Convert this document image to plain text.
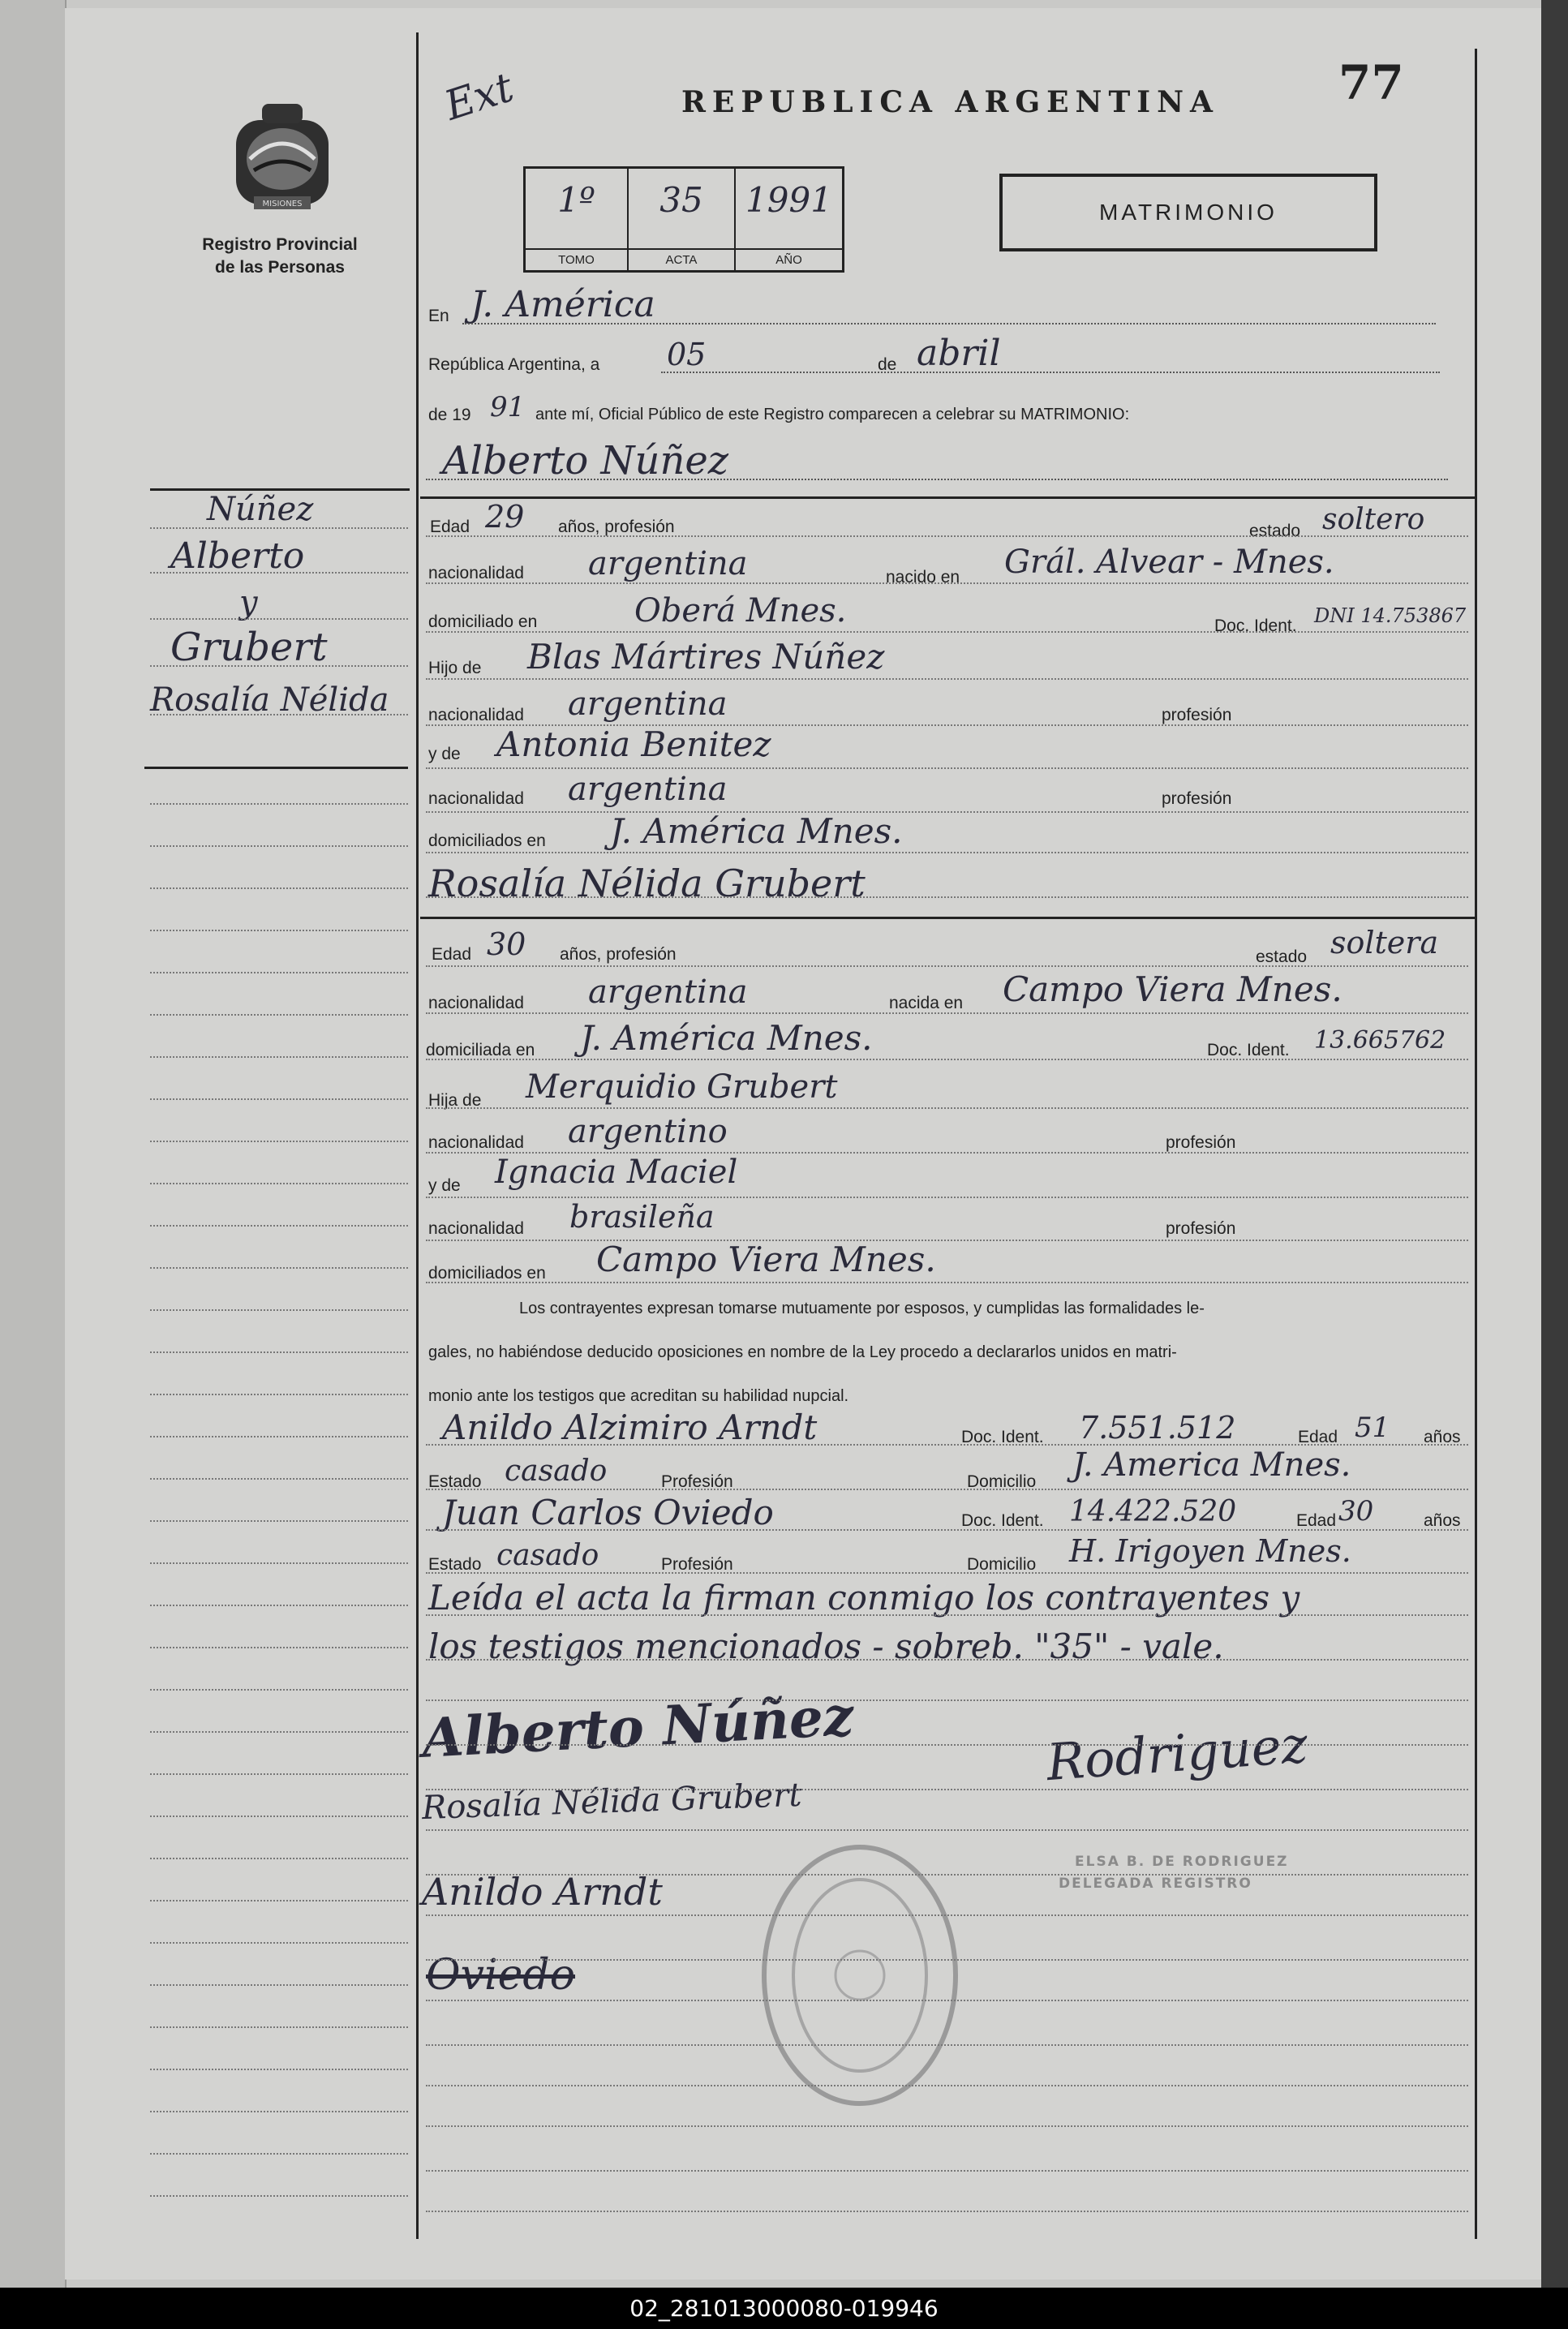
MISIONES
Registro Provincial
de las Personas
Ext	REPUBLICA ARGENTINA	77
MATRIMONIO
1º
TOMO
35
ACTA
1991
AÑO
Núñez
Alberto
y
Grubert
Rosalía Nélida
En J. América
República Argentina, a 05	de abril
de 19 91 ante mí, Oficial Público de este Registro comparecen a celebrar su MATRIMONIO:
Alberto Núñez
Edad 29 años, profesión	estado soltero
nacionalidad argentina	nacido en Grál. Alvear - Mnes.
domiciliado en	Oberá Mnes.	Doc. Ident. DNI 14.753867
Hijo de Blas Mártires Núñez
nacionalidad argentina	profesión
y de Antonia Benitez
nacionalidad argentina	profesión
domiciliados en J. América Mnes.
Rosalía Nélida Grubert
Edad 30 años, profesión	estado soltera
nacionalidad argentina	nacida en Campo Viera Mnes.
domiciliada en J. América Mnes.	Doc. Ident. 13.665762
Hija de Merquidio Grubert
nacionalidad argentino	profesión
y de Ignacia Maciel
nacionalidad brasileña	profesión
domiciliados en Campo Viera Mnes.
Los contrayentes expresan tomarse mutuamente por esposos, y cumplidas las formalidades le-
gales, no habiéndose deducido oposiciones en nombre de la Ley procedo a declararlos unidos en matri-
monio ante los testigos que acreditan su habilidad nupcial.
Anildo Alzimiro Arndt	Doc. Ident. 7.551.512	Edad 51 años
Estado casado	Profesión	Domicilio J. America Mnes.
Juan Carlos Oviedo	Doc. Ident. 14.422.520	Edad 30	años
Estado casado	Profesión	Domicilio H. Irigoyen Mnes.
Leída el acta la firman conmigo los contrayentes y
los testigos mencionados - sobreb. "35" - vale.
Alberto Núñez
Rosalía Nélida Grubert
Anildo Arndt
Oviedo
Rodriguez
ELSA B. DE RODRIGUEZ
DELEGADA REGISTRO
02_281013000080-019946
